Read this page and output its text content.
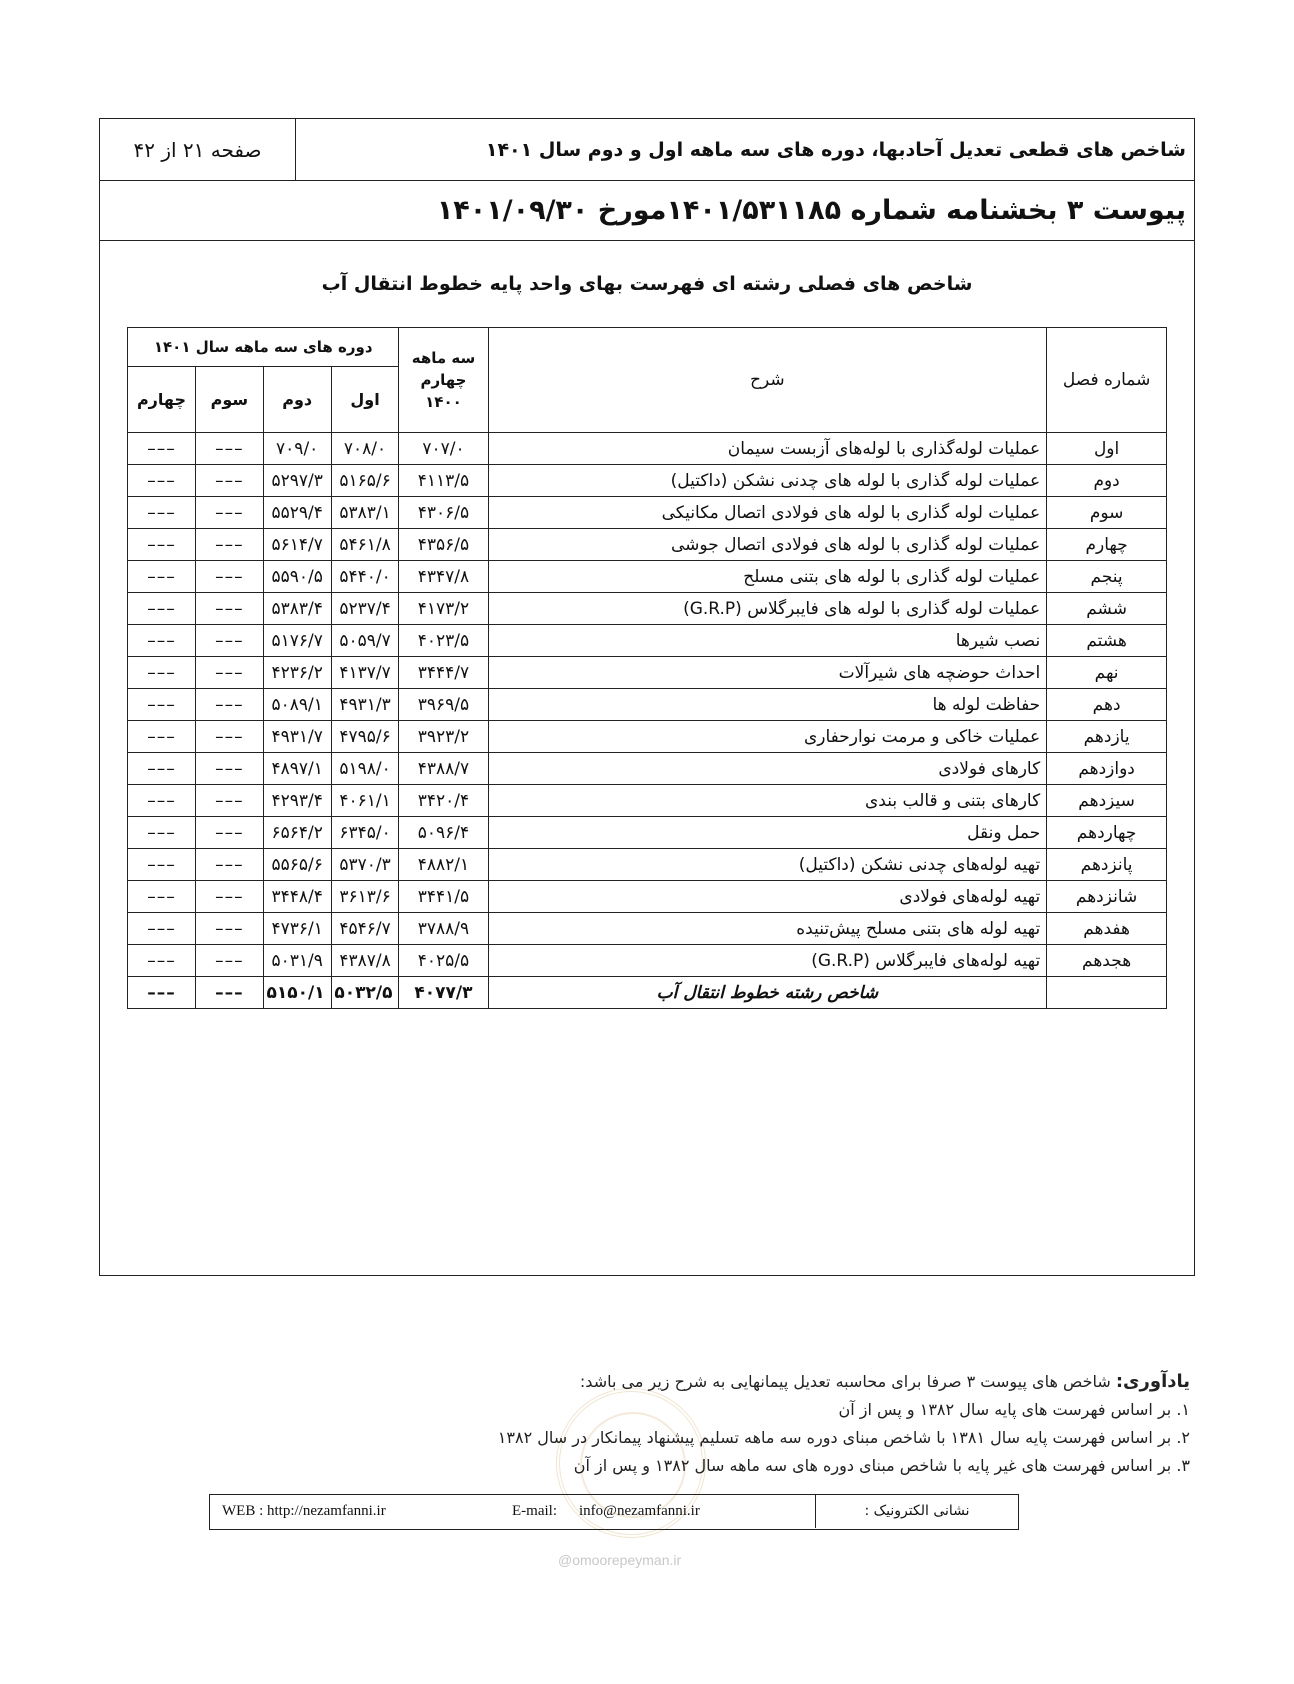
شاخص های قطعی تعدیل آحادبها، دوره های سه ماهه اول و دوم سال ۱۴۰۱
صفحه ۲۱ از ۴۲
پیوست ۳ بخشنامه شماره ۱۴۰۱/۵۳۱۱۸۵مورخ ۱۴۰۱/۰۹/۳۰
شاخص های فصلی رشته ای فهرست بهای واحد پایه خطوط انتقال آب
شماره فصل	شرح	سه ماهه چهارم ۱۴۰۰	دوره های سه ماهه سال ۱۴۰۱			
			اول	دوم	سوم	چهارم
اول	عملیات لوله‌گذاری با لوله‌های آزبست سیمان	۷۰۷/۰	۷۰۸/۰	۷۰۹/۰	–––	–––
دوم	عملیات لوله گذاری با لوله های چدنی نشکن (داکتیل)	۴۱۱۳/۵	۵۱۶۵/۶	۵۲۹۷/۳	–––	–––
سوم	عملیات لوله گذاری با لوله های فولادی اتصال مکانیکی	۴۳۰۶/۵	۵۳۸۳/۱	۵۵۲۹/۴	–––	–––
چهارم	عملیات لوله گذاری با لوله های فولادی اتصال جوشی	۴۳۵۶/۵	۵۴۶۱/۸	۵۶۱۴/۷	–––	–––
پنجم	عملیات لوله گذاری با لوله های بتنی مسلح	۴۳۴۷/۸	۵۴۴۰/۰	۵۵۹۰/۵	–––	–––
ششم	عملیات لوله گذاری با لوله های فایبرگلاس (G.R.P)	۴۱۷۳/۲	۵۲۳۷/۴	۵۳۸۳/۴	–––	–––
هشتم	نصب شیرها	۴۰۲۳/۵	۵۰۵۹/۷	۵۱۷۶/۷	–––	–––
نهم	احداث حوضچه های شیرآلات	۳۴۴۴/۷	۴۱۳۷/۷	۴۲۳۶/۲	–––	–––
دهم	حفاظت لوله ها	۳۹۶۹/۵	۴۹۳۱/۳	۵۰۸۹/۱	–––	–––
یازدهم	عملیات خاکی و مرمت نوارحفاری	۳۹۲۳/۲	۴۷۹۵/۶	۴۹۳۱/۷	–––	–––
دوازدهم	کارهای فولادی	۴۳۸۸/۷	۵۱۹۸/۰	۴۸۹۷/۱	–––	–––
سیزدهم	کارهای بتنی و قالب بندی	۳۴۲۰/۴	۴۰۶۱/۱	۴۲۹۳/۴	–––	–––
چهاردهم	حمل ونقل	۵۰۹۶/۴	۶۳۴۵/۰	۶۵۶۴/۲	–––	–––
پانزدهم	تهیه لوله‌های چدنی نشکن (داکتیل)	۴۸۸۲/۱	۵۳۷۰/۳	۵۵۶۵/۶	–––	–––
شانزدهم	تهیه لوله‌های فولادی	۳۴۴۱/۵	۳۶۱۳/۶	۳۴۴۸/۴	–––	–––
هفدهم	تهیه لوله های بتنی مسلح پیش‌تنیده	۳۷۸۸/۹	۴۵۴۶/۷	۴۷۳۶/۱	–––	–––
هجدهم	تهیه لوله‌های فایبرگلاس (G.R.P)	۴۰۲۵/۵	۴۳۸۷/۸	۵۰۳۱/۹	–––	–––
	شاخص رشته خطوط انتقال آب	۴۰۷۷/۳	۵۰۳۲/۵	۵۱۵۰/۱	–––	–––
یادآوری: شاخص های پیوست ۳ صرفا برای محاسبه تعدیل پیمانهایی به شرح زیر می باشد:
۱. بر اساس فهرست های پایه سال ۱۳۸۲ و پس از آن
۲. بر اساس فهرست پایه سال ۱۳۸۱ با شاخص مبنای دوره سه ماهه تسلیم پیشنهاد پیمانکار در سال ۱۳۸۲
۳. بر اساس فهرست های غیر پایه با شاخص مبنای دوره های سه ماهه سال ۱۳۸۲ و پس از آن
نشانی الکترونیک :
WEB : http://nezamfanni.ir	E-mail: info@nezamfanni.ir
@omoorepeyman.ir
